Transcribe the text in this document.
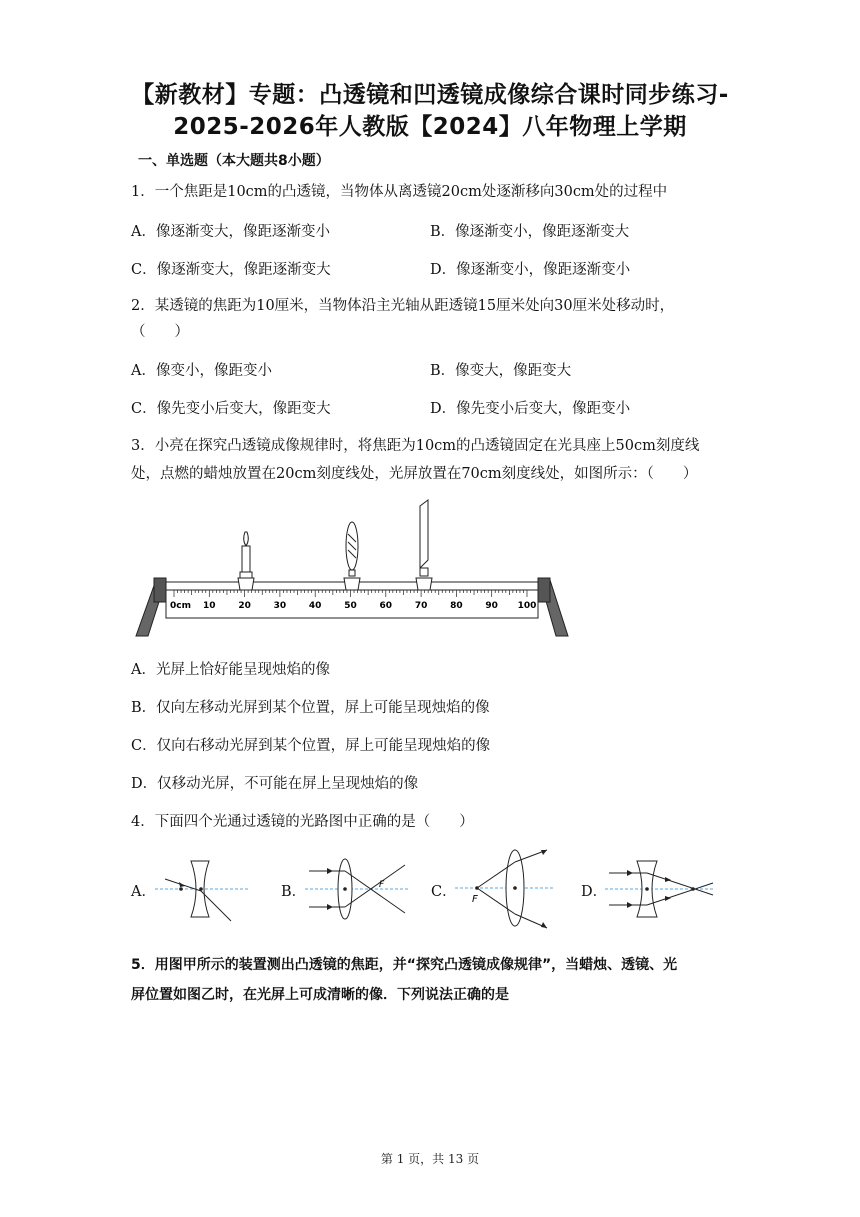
【新教材】专题：凸透镜和凹透镜成像综合课时同步练习-
2025-2026年人教版【2024】八年物理上学期
一、单选题（本大题共8小题）
1．一个焦距是10cm的凸透镜，当物体从离透镜20cm处逐渐移向30cm处的过程中
A．像逐渐变大，像距逐渐变小	B．像逐渐变小，像距逐渐变大
C．像逐渐变大，像距逐渐变大	D．像逐渐变小，像距逐渐变小
2．某透镜的焦距为10厘米，当物体沿主光轴从距透镜15厘米处向30厘米处移动时，
（　　）
A．像变小，像距变小	B．像变大，像距变大
C．像先变小后变大，像距变大	D．像先变小后变大，像距变小
3．小亮在探究凸透镜成像规律时，将焦距为10cm的凸透镜固定在光具座上50cm刻度线
处，点燃的蜡烛放置在20cm刻度线处，光屏放置在70cm刻度线处，如图所示：（　　）
0cm 10	20	30	40	50	60	70	80	90 100
A．光屏上恰好能呈现烛焰的像
B．仅向左移动光屏到某个位置，屏上可能呈现烛焰的像
C．仅向右移动光屏到某个位置，屏上可能呈现烛焰的像
D．仅移动光屏，不可能在屏上呈现烛焰的像
4．下面四个光通过透镜的光路图中正确的是（　　）
A．	B．	F	C． F	D．
5．用图甲所示的装置测出凸透镜的焦距，并“探究凸透镜成像规律”，当蜡烛、透镜、光
屏位置如图乙时，在光屏上可成清晰的像．下列说法正确的是
第 1 页，共 13 页
